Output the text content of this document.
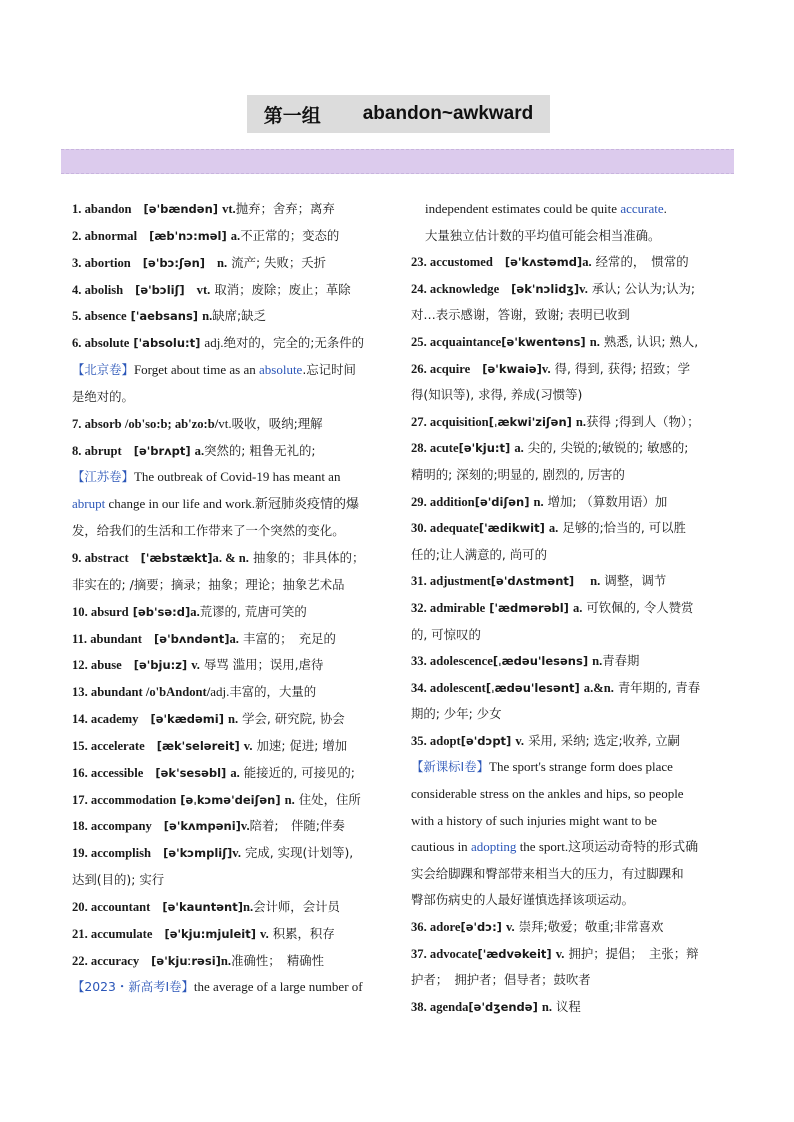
第一组 abandon~awkward
1. abandon [ə'bændən] vt.抛弃；舍弃；离弃
2. abnormal [æb'nɔ:məl] a.不正常的；变态的
3. abortion [ə'bɔ:ʃən] n. 流产; 失败；夭折
4. abolish [ə'bɔliʃ] vt. 取消；废除；废止；革除
5. absence ['aebsans] n.缺席;缺乏
6. absolute ['absolu:t] adj.绝对的，完全的;无条件的
【北京卷】Forget about time as an absolute.忘记时间
是绝对的。
7. absorb /ob'so:b; ab'zo:b/vt.吸收，吸纳;理解
8. abrupt [ə'brʌpt] a.突然的; 粗鲁无礼的;
【江苏卷】The outbreak of Covid-19 has meant an
abrupt change in our life and work.新冠肺炎疫情的爆
发，给我们的生活和工作带来了一个突然的变化。
9. abstract ['æbstækt]a. & n. 抽象的；非具体的；
非实在的; /摘要；摘录；抽象；理论；抽象艺术品
10. absurd [əb'sə:d]a.荒谬的, 荒唐可笑的
11. abundant [ə'bʌndənt]a. 丰富的；　充足的
12. abuse [ə'bju:z] v. 辱骂 滥用；误用,虐待
13. abundant /o'bAndont/adj.丰富的，大量的
14. academy [ə'kædəmi] n. 学会, 研究院, 协会
15. accelerate [æk'seləreit] v. 加速; 促进; 增加
16. accessible [ək'sesəbl] a. 能接近的, 可接见的;
17. accommodation [əˌkɔmə'deiʃən] n. 住处，住所
18. accompany [ə'kʌmpəni]v.陪着;　伴随;伴奏
19. accomplish [ə'kɔmpliʃ]v. 完成, 实现(计划等),
达到(目的); 实行
20. accountant [ə'kauntənt]n.会计师，会计员
21. accumulate [ə'kju:mjuleit] v. 积累，积存
22. accuracy [ə'kjuːrəsi]n.准确性；　精确性
【2023・新高考Ⅰ卷】the average of a large number of
independent estimates could be quite accurate.
大量独立估计数的平均值可能会相当准确。
23. accustomed [ə'kʌstəmd]a. 经常的，　惯常的
24. acknowledge [ək'nɔlidʒ]v. 承认; 公认为;认为;
对…表示感谢，答谢，致谢; 表明已收到
25. acquaintance[ə'kwentəns] n. 熟悉, 认识; 熟人,
26. acquire [ə'kwaiə]v. 得, 得到, 获得; 招致；学
得(知识等), 求得, 养成(习惯等)
27. acquisition[ˌækwi'ziʃən] n.获得 ;得到人（物）；
28. acute[ə'kju:t] a. 尖的, 尖锐的;敏锐的; 敏感的;
精明的; 深刻的;明显的, 剧烈的, 厉害的
29. addition[ə'diʃən] n. 增加; （算数用语）加
30. adequate['ædikwit] a. 足够的;恰当的, 可以胜
任的;让人满意的, 尚可的
31. adjustment[ə'dʌstmənt] n. 调整，调节
32. admirable ['ædmərəbl] a. 可钦佩的, 令人赞赏
的, 可惊叹的
33. adolescence[ˌædəu'lesəns] n.青春期
34. adolescent[ˌædəu'lesənt] a.&n. 青年期的, 青春
期的; 少年; 少女
35. adopt[ə'dɔpt] v. 采用, 采纳; 选定;收养, 立嗣
【新课标Ⅰ卷】The sport's strange form does place
considerable stress on the ankles and hips, so people
with a history of such injuries might want to be
cautious in adopting the sport.这项运动奇特的形式确
实会给脚踝和臀部带来相当大的压力，有过脚踝和
臀部伤病史的人最好谨慎选择该项运动。
36. adore[ə'dɔ:] v. 崇拜;敬爱；敬重;非常喜欢
37. advocate['ædvəkeit] v. 拥护；提倡；　主张；辩
护者；　拥护者；倡导者；鼓吹者
38. agenda[ə'dʒendə] n. 议程
